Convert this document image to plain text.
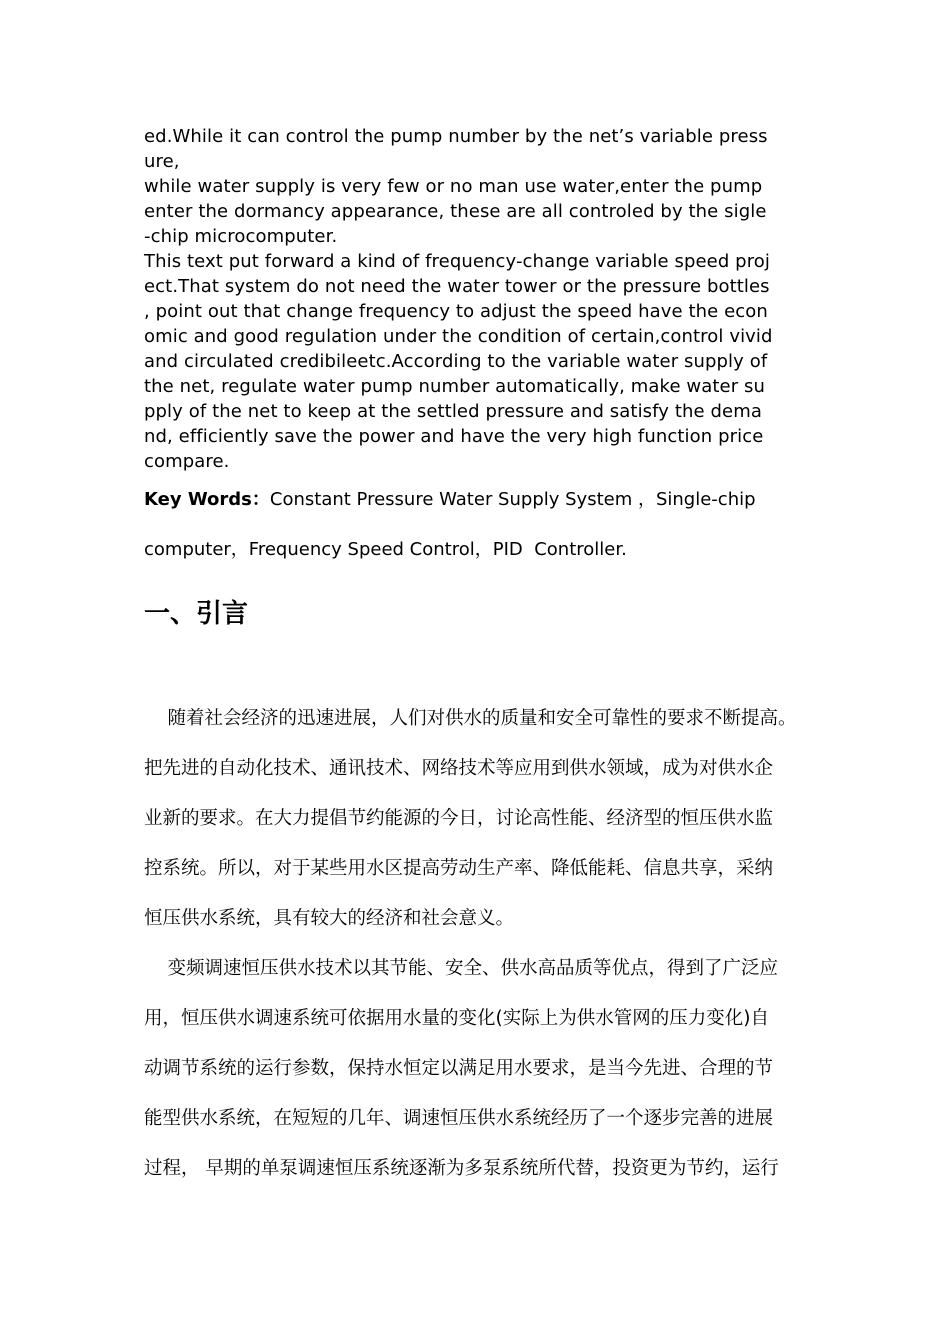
ed.While it can control the pump number by the net’s variable press
ure,
while water supply is very few or no man use water,enter the pump
enter the dormancy appearance, these are all controled by the sigle
-chip microcomputer.
This text put forward a kind of frequency-change variable speed proj
ect.That system do not need the water tower or the pressure bottles
, point out that change frequency to adjust the speed have the econ
omic and good regulation under the condition of certain,control vivid
and circulated credibileetc.According to the variable water supply of
the net, regulate water pump number automatically, make water su
pply of the net to keep at the settled pressure and satisfy the dema
nd, efficiently save the power and have the very high function price
compare.
Key Words：Constant Pressure Water Supply System ，Single-chip
computer，Frequency Speed Control，PID  Controller.
一、引言
随着社会经济的迅速进展，人们对供水的质量和安全可靠性的要求不断提高。
把先进的自动化技术、通讯技术、网络技术等应用到供水领域，成为对供水企
业新的要求。在大力提倡节约能源的今日，讨论高性能、经济型的恒压供水监
控系统。所以，对于某些用水区提高劳动生产率、降低能耗、信息共享，采纳
恒压供水系统，具有较大的经济和社会意义。
变频调速恒压供水技术以其节能、安全、供水高品质等优点，得到了广泛应
用，恒压供水调速系统可依据用水量的变化(实际上为供水管网的压力变化)自
动调节系统的运行参数，保持水恒定以满足用水要求，是当今先进、合理的节
能型供水系统，在短短的几年、调速恒压供水系统经历了一个逐步完善的进展
过程， 早期的单泵调速恒压系统逐渐为多泵系统所代替，投资更为节约，运行
